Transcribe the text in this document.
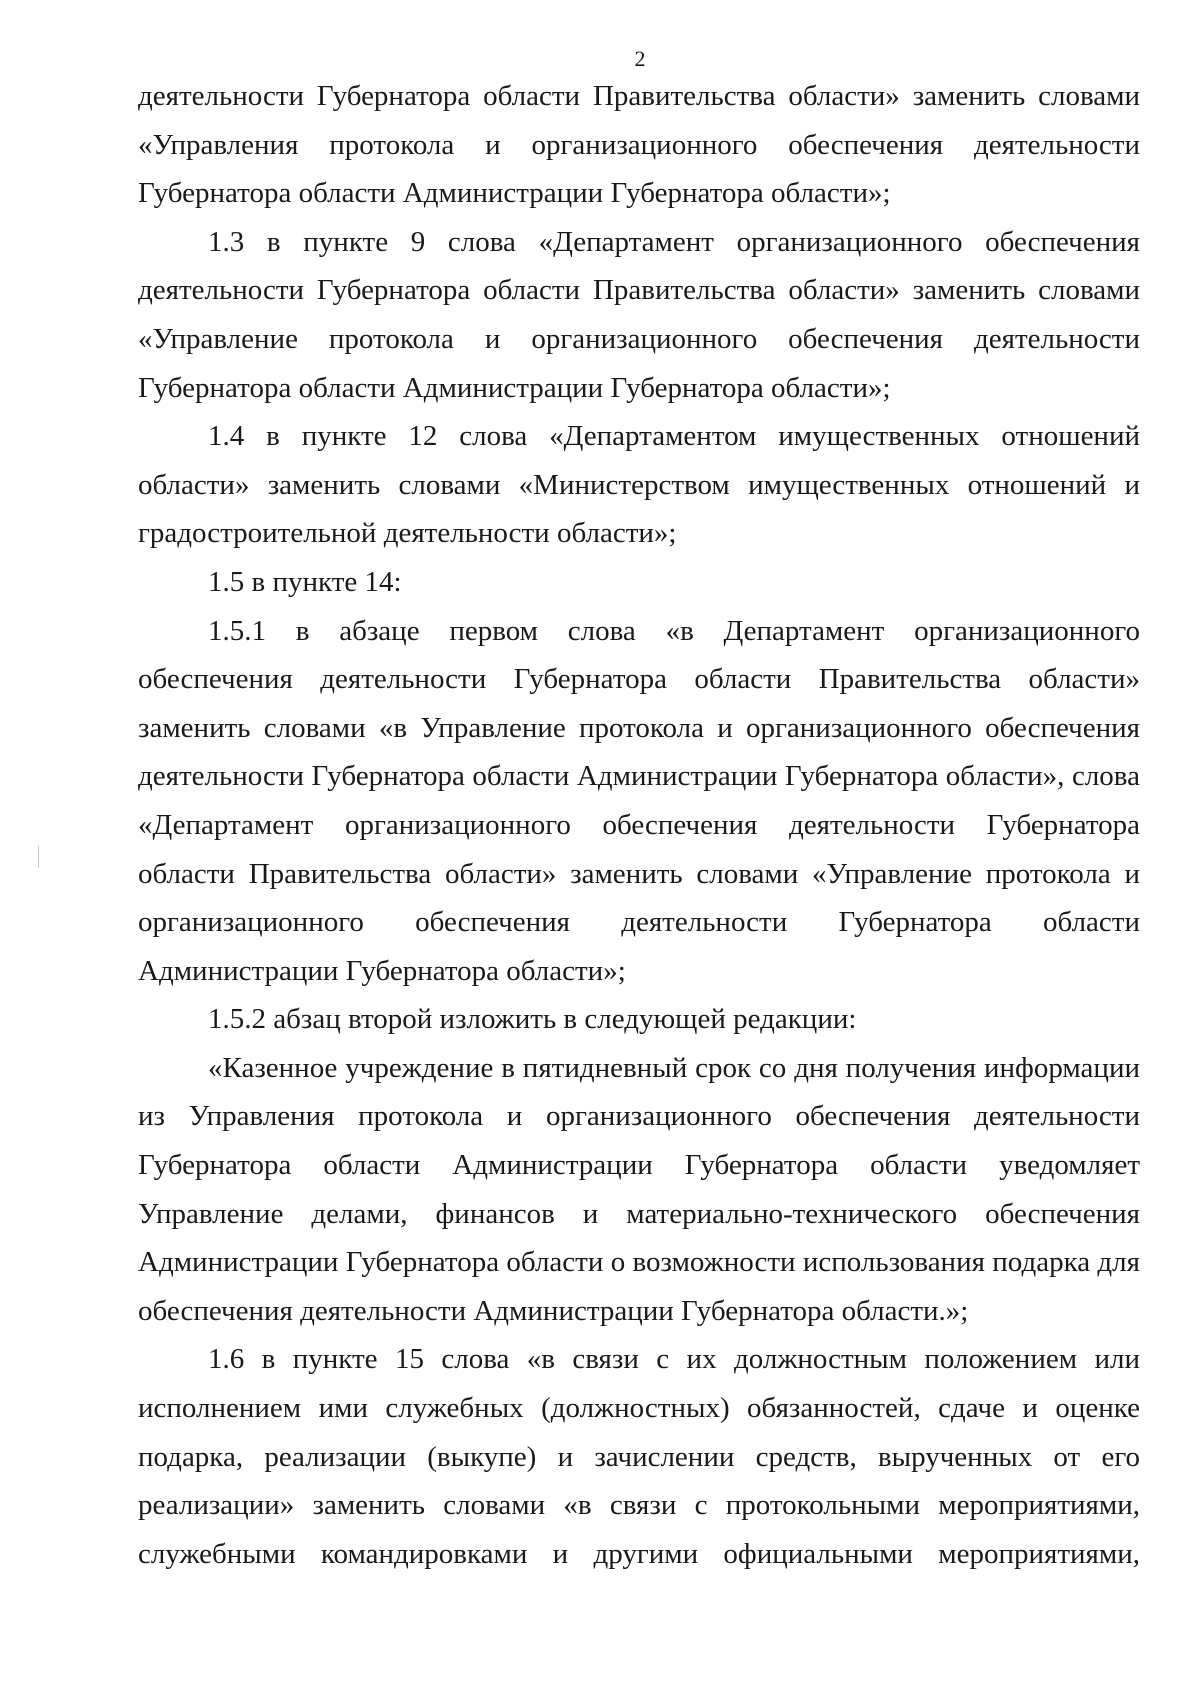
2

деятельности Губернатора области Правительства области» заменить словами «Управления протокола и организационного обеспечения деятельности Губернатора области Администрации Губернатора области»;

1.3 в пункте 9 слова «Департамент организационного обеспечения деятельности Губернатора области Правительства области» заменить словами «Управление протокола и организационного обеспечения деятельности Губернатора области Администрации Губернатора области»;

1.4 в пункте 12 слова «Департаментом имущественных отношений области» заменить словами «Министерством имущественных отношений и градостроительной деятельности области»;

1.5 в пункте 14:

1.5.1 в абзаце первом слова «в Департамент организационного обеспечения деятельности Губернатора области Правительства области» заменить словами «в Управление протокола и организационного обеспечения деятельности Губернатора области Администрации Губернатора области», слова «Департамент организационного обеспечения деятельности Губернатора области Правительства области» заменить словами «Управление протокола и организационного обеспечения деятельности Губернатора области Администрации Губернатора области»;

1.5.2 абзац второй изложить в следующей редакции:

«Казенное учреждение в пятидневный срок со дня получения информации из Управления протокола и организационного обеспечения деятельности Губернатора области Администрации Губернатора области уведомляет Управление делами, финансов и материально-технического обеспечения Администрации Губернатора области о возможности использования подарка для обеспечения деятельности Администрации Губернатора области.»;

1.6 в пункте 15 слова «в связи с их должностным положением или исполнением ими служебных (должностных) обязанностей, сдаче и оценке подарка, реализации (выкупе) и зачислении средств, вырученных от его реализации» заменить словами «в связи с протокольными мероприятиями, служебными командировками и другими официальными мероприятиями,
